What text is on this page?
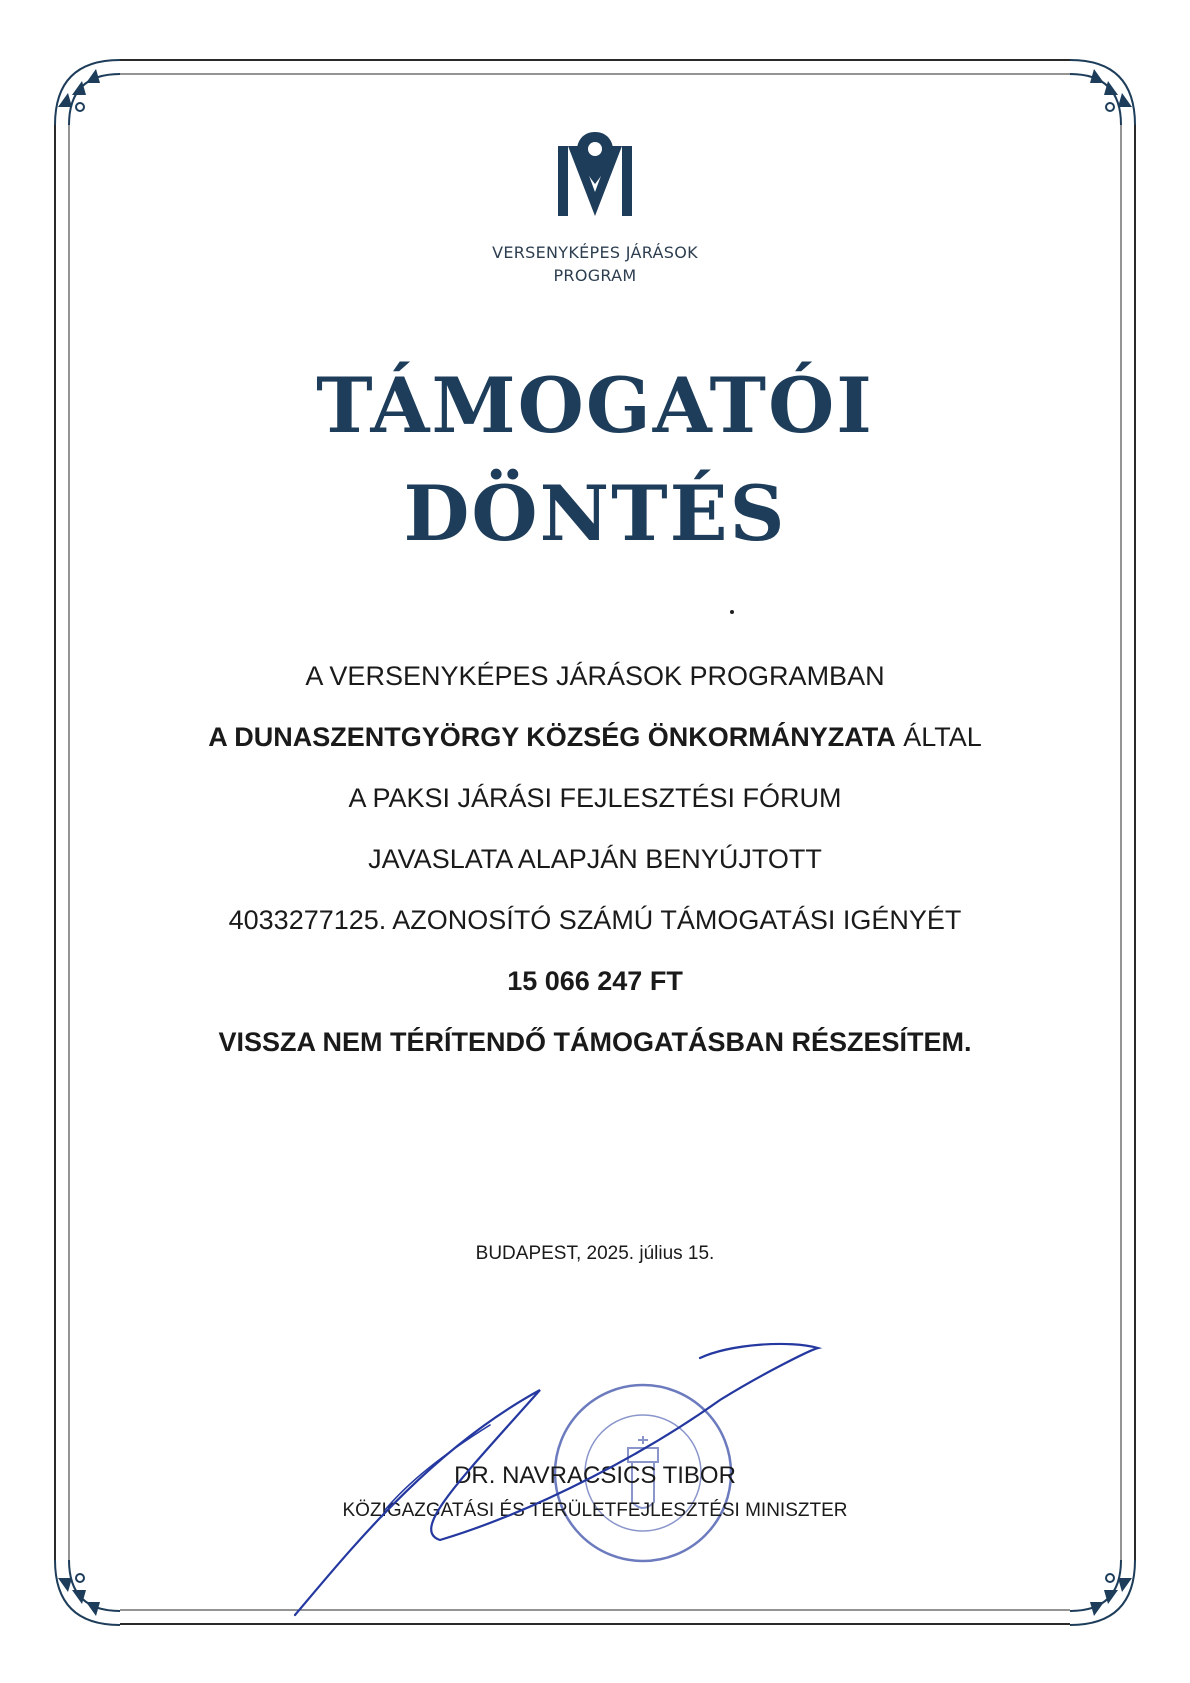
VERSENYKÉPES JÁRÁSOK
PROGRAM
TÁMOGATÓI
DÖNTÉS
A VERSENYKÉPES JÁRÁSOK PROGRAMBAN
A DUNASZENTGYÖRGY KÖZSÉG ÖNKORMÁNYZATA ÁLTAL
A PAKSI JÁRÁSI FEJLESZTÉSI FÓRUM
JAVASLATA ALAPJÁN BENYÚJTOTT
4033277125. AZONOSÍTÓ SZÁMÚ TÁMOGATÁSI IGÉNYÉT
15 066 247 FT
VISSZA NEM TÉRÍTENDŐ TÁMOGATÁSBAN RÉSZESÍTEM.
BUDAPEST, 2025. július 15.
DR. NAVRACSICS TIBOR
KÖZIGAZGATÁSI ÉS TERÜLETFEJLESZTÉSI MINISZTER
